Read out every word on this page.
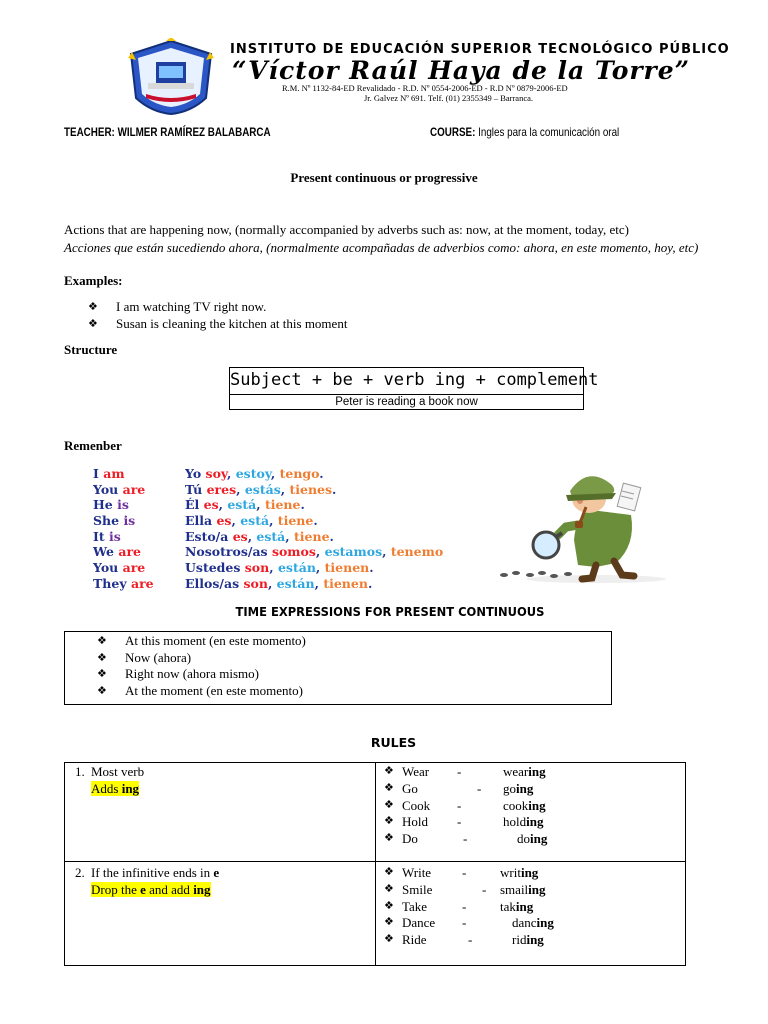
INSTITUTO DE EDUCACIÓN SUPERIOR TECNOLÓGICO PÚBLICO
“Víctor Raúl Haya de la Torre”
R.M. Nº 1132-84-ED Revalidado - R.D. Nº 0554-2006-ED - R.D Nº 0879-2006-ED
Jr. Galvez Nº 691. Telf. (01) 2355349 – Barranca.
TEACHER: WILMER RAMÍREZ BALABARCA	COURSE: Ingles para la comunicación oral
Present continuous or progressive
Actions that are happening now, (normally accompanied by adverbs such as: now, at the moment, today, etc)
Acciones que están sucediendo ahora, (normalmente acompañadas de adverbios como: ahora, en este momento, hoy, etc)
Examples:
❖ I am watching TV right now.
❖ Susan is cleaning the kitchen at this moment
Structure
Subject + be + verb ing + complement
Peter is reading a book now
Remenber
I am	Yo soy, estoy, tengo.
You are	Tú eres, estás, tienes.
He is	Él es, está, tiene.
She is	Ella es, está, tiene.
It is	Esto/a es, está, tiene.
We are	Nosotros/as somos, estamos, tenemo
You are	Ustedes son, están, tienen.
They are	Ellos/as son, están, tienen.
TIME EXPRESSIONS FOR PRESENT CONTINUOUS
❖ At this moment (en este momento)
❖ Now (ahora)
❖ Right now (ahora mismo)
❖ At the moment (en este momento)
RULES
1. Most verb
Adds ing
❖ Wear -	wearing
❖ Go	- going
❖ Cook -	cooking
❖ Hold -	holding
❖ Do	-	doing
2. If the infinitive ends in e
Drop the e and add ing
❖ Write -	writing
❖ Smile	- smailing
❖ Take	-	taking
❖ Dance -	dancing
❖ Ride	-	riding
